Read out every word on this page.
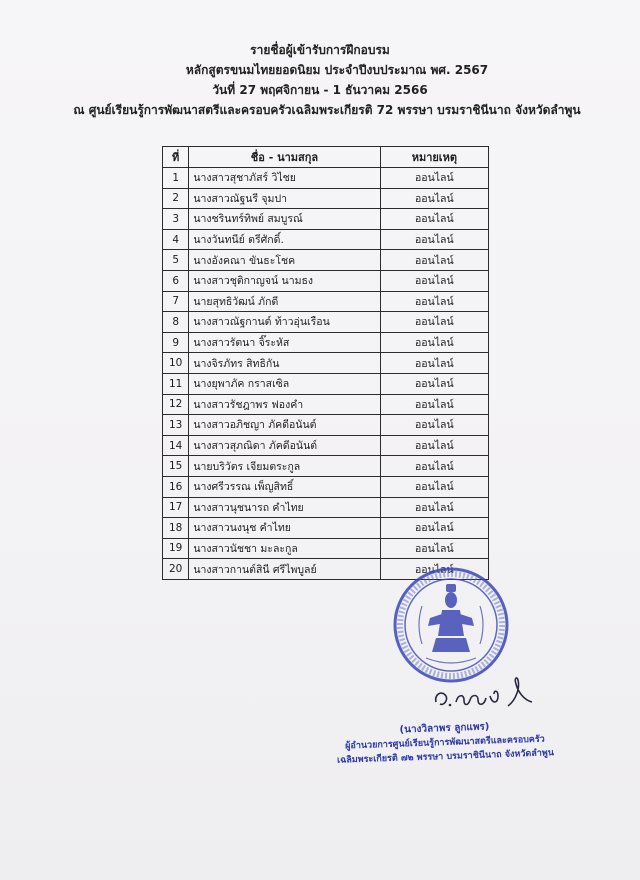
รายชื่อผู้เข้ารับการฝึกอบรม
หลักสูตรขนมไทยยอดนิยม ประจำปีงบประมาณ พศ. 2567
วันที่ 27 พฤศจิกายน - 1 ธันวาคม 2566
ณ ศูนย์เรียนรู้การพัฒนาสตรีและครอบครัวเฉลิมพระเกียรติ 72 พรรษา บรมราชินีนาถ จังหวัดลำพูน
ที่	ชื่อ - นามสกุล	หมายเหตุ
1	นางสาวสุชาภัสร์ วิไชย	ออนไลน์
2	นางสาวณัฐนรี จุมปา	ออนไลน์
3	นางชรินทร์ทิพย์ สมบูรณ์	ออนไลน์
4	นางวันทนีย์ ตรีศักดิ์.	ออนไลน์
5	นางอังคณา ขันธะโชค	ออนไลน์
6	นางสาวชุติกาญจน์ นามธง	ออนไลน์
7	นายสุทธิวัฒน์ ภักดี	ออนไลน์
8	นางสาวณัฐกานต์ ท้าวอุ่นเรือน	ออนไลน์
9	นางสาวรัตนา จิ๊ระหัส	ออนไลน์
10	นางจิรภัทร สิทธิกัน	ออนไลน์
11	นางยุพาภัค กราสเซิล	ออนไลน์
12	นางสาวรัชฎาพร ฟองคำ	ออนไลน์
13	นางสาวอภิชญา ภัคดีอนันต์	ออนไลน์
14	นางสาวสุภณิดา ภัคดีอนันต์	ออนไลน์
15	นายบริวัตร เจียมตระกูล	ออนไลน์
16	นางศรีวรรณ เพ็ญสิทธิ์	ออนไลน์
17	นางสาวนุชนารถ คำไทย	ออนไลน์
18	นางสาวนงนุช คำไทย	ออนไลน์
19	นางสาวนัชชา มะละกูล	ออนไลน์
20	นางสาวกานต์สินี ศรีไพบูลย์	ออนไลน์
(นางวิลาพร ลูกแพร)
ผู้อำนวยการศูนย์เรียนรู้การพัฒนาสตรีและครอบครัว
เฉลิมพระเกียรติ ๗๒ พรรษา บรมราชินีนาถ จังหวัดลำพูน
